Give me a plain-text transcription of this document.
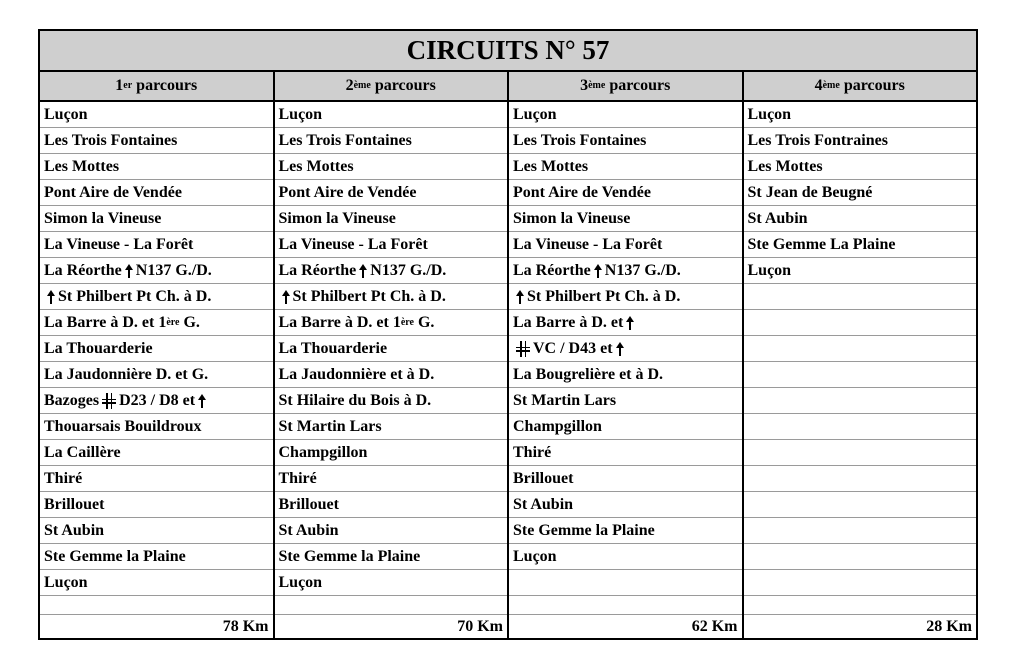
CIRCUITS N° 57
1er parcours
Luçon
Les Trois Fontaines
Les Mottes
Pont Aire de Vendée
Simon la Vineuse
La Vineuse - La Forêt
La Réorthe N137 G./D.
St Philbert Pt Ch. à D.
La Barre à D. et 1 ère G.
La Thouarderie
La Jaudonnière D. et G.
Bazoges D23 / D8 et
Thouarsais Bouildroux
La Caillère
Thiré
Brillouet
St Aubin
Ste Gemme la Plaine
Luçon
78 Km
2ème parcours
Luçon
Les Trois Fontaines
Les Mottes
Pont Aire de Vendée
Simon la Vineuse
La Vineuse - La Forêt
La Réorthe N137 G./D.
St Philbert Pt Ch. à D.
La Barre à D. et 1 ère G.
La Thouarderie
La Jaudonnière et à D.
St Hilaire du Bois à D.
St Martin Lars
Champgillon
Thiré
Brillouet
St Aubin
Ste Gemme la Plaine
Luçon
70 Km
3ème parcours
Luçon
Les Trois Fontaines
Les Mottes
Pont Aire de Vendée
Simon la Vineuse
La Vineuse - La Forêt
La Réorthe N137 G./D.
St Philbert Pt Ch. à D.
La Barre à D. et
VC / D43 et
La Bougrelière et à D.
St Martin Lars
Champgillon
Thiré
Brillouet
St Aubin
Ste Gemme la Plaine
Luçon
62 Km
4ème parcours
Luçon
Les Trois Fontraines
Les Mottes
St Jean de Beugné
St Aubin
Ste Gemme La Plaine
Luçon
28 Km
